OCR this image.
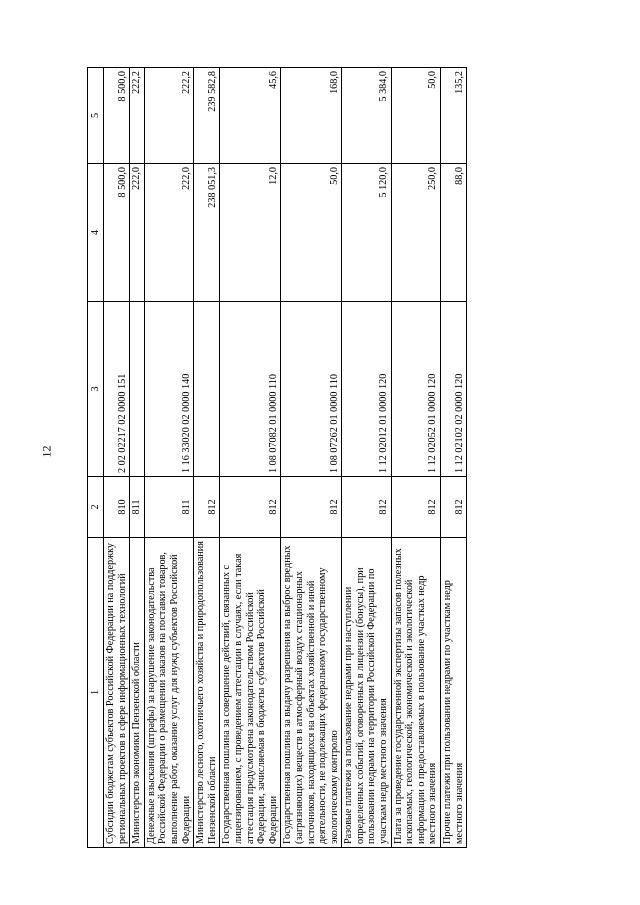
12
1	2	3	4	5
Субсидии бюджетам субъектов Российской Федерации на поддержку региональных проектов в сфере информационных технологий	810	2 02 02217 02 0000 151	8 500,0	8 500,0
Министерство экономики Пензенской области	811		222,0	222,2
Денежные взыскания (штрафы) за нарушение законодательства Российской Федерации о размещении заказов на поставки товаров, выполнение работ, оказание услуг для нужд субъектов Российской Федерации	811	1 16 33020 02 0000 140	222,0	222,2
Министерство лесного, охотничьего хозяйства и природопользования Пензенской области	812		238 051,3	239 582,8
Государственная пошлина за совершение действий, связанных с лицензированием, с проведением аттестации в случаях, если такая аттестация предусмотрена законодательством Российской Федерации, зачисляемая в бюджеты субъектов Российской Федерации	812	1 08 07082 01 0000 110	12,0	45,6
Государственная пошлина за выдачу разрешения на выброс вредных (загрязняющих) веществ в атмосферный воздух стационарных источников, находящихся на объектах хозяйственной и иной деятельности, не подлежащих федеральному государственному экологическому контролю	812	1 08 07262 01 0000 110	50,0	168,0
Разовые платежи за пользование недрами при наступлении определенных событий, оговоренных в лицензии (бонусы), при пользовании недрами на территории Российской Федерации по участкам недр местного значения	812	1 12 02012 01 0000 120	5 120,0	5 384,0
Плата за проведение государственной экспертизы запасов полезных ископаемых, геологической, экономической и экологической информации о предоставляемых в пользование участках недр местного значения	812	1 12 02052 01 0000 120	250,0	50,0
Прочие платежи при пользовании недрами по участкам недр местного значения	812	1 12 02102 02 0000 120	88,0	135,2
